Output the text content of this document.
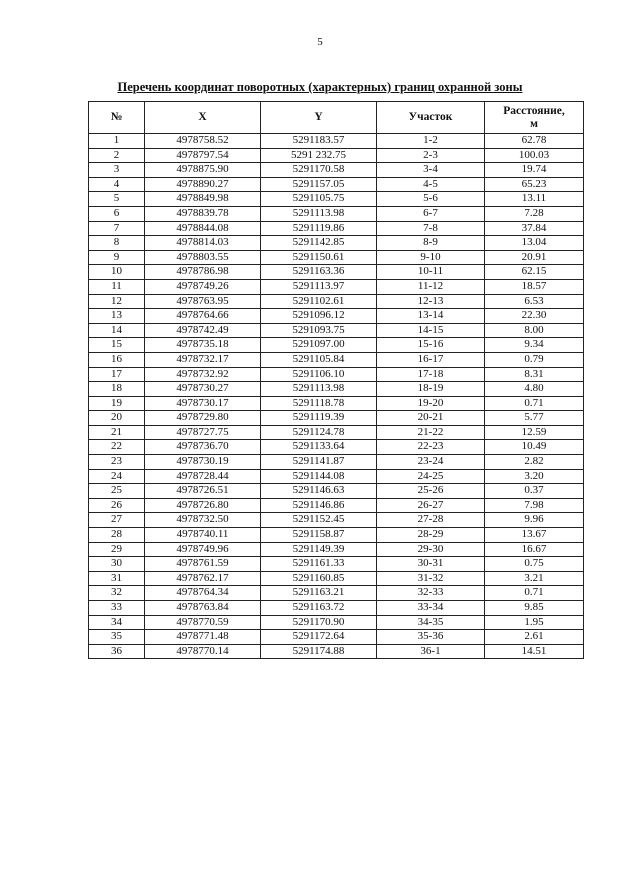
5
Перечень координат поворотных (характерных) границ охранной зоны
№	X	Y	Участок	Расстояние,
м
1	4978758.52	5291183.57	1-2	62.78
2	4978797.54	5291 232.75	2-3	100.03
3	4978875.90	5291170.58	3-4	19.74
4	4978890.27	5291157.05	4-5	65.23
5	4978849.98	5291105.75	5-6	13.11
6	4978839.78	5291113.98	6-7	7.28
7	4978844.08	5291119.86	7-8	37.84
8	4978814.03	5291142.85	8-9	13.04
9	4978803.55	5291150.61	9-10	20.91
10	4978786.98	5291163.36	10-11	62.15
11	4978749.26	5291113.97	11-12	18.57
12	4978763.95	5291102.61	12-13	6.53
13	4978764.66	5291096.12	13-14	22.30
14	4978742.49	5291093.75	14-15	8.00
15	4978735.18	5291097.00	15-16	9.34
16	4978732.17	5291105.84	16-17	0.79
17	4978732.92	5291106.10	17-18	8.31
18	4978730.27	5291113.98	18-19	4.80
19	4978730.17	5291118.78	19-20	0.71
20	4978729.80	5291119.39	20-21	5.77
21	4978727.75	5291124.78	21-22	12.59
22	4978736.70	5291133.64	22-23	10.49
23	4978730.19	5291141.87	23-24	2.82
24	4978728.44	5291144.08	24-25	3.20
25	4978726.51	5291146.63	25-26	0.37
26	4978726.80	5291146.86	26-27	7.98
27	4978732.50	5291152.45	27-28	9.96
28	4978740.11	5291158.87	28-29	13.67
29	4978749.96	5291149.39	29-30	16.67
30	4978761.59	5291161.33	30-31	0.75
31	4978762.17	5291160.85	31-32	3.21
32	4978764.34	5291163.21	32-33	0.71
33	4978763.84	5291163.72	33-34	9.85
34	4978770.59	5291170.90	34-35	1.95
35	4978771.48	5291172.64	35-36	2.61
36	4978770.14	5291174.88	36-1	14.51
